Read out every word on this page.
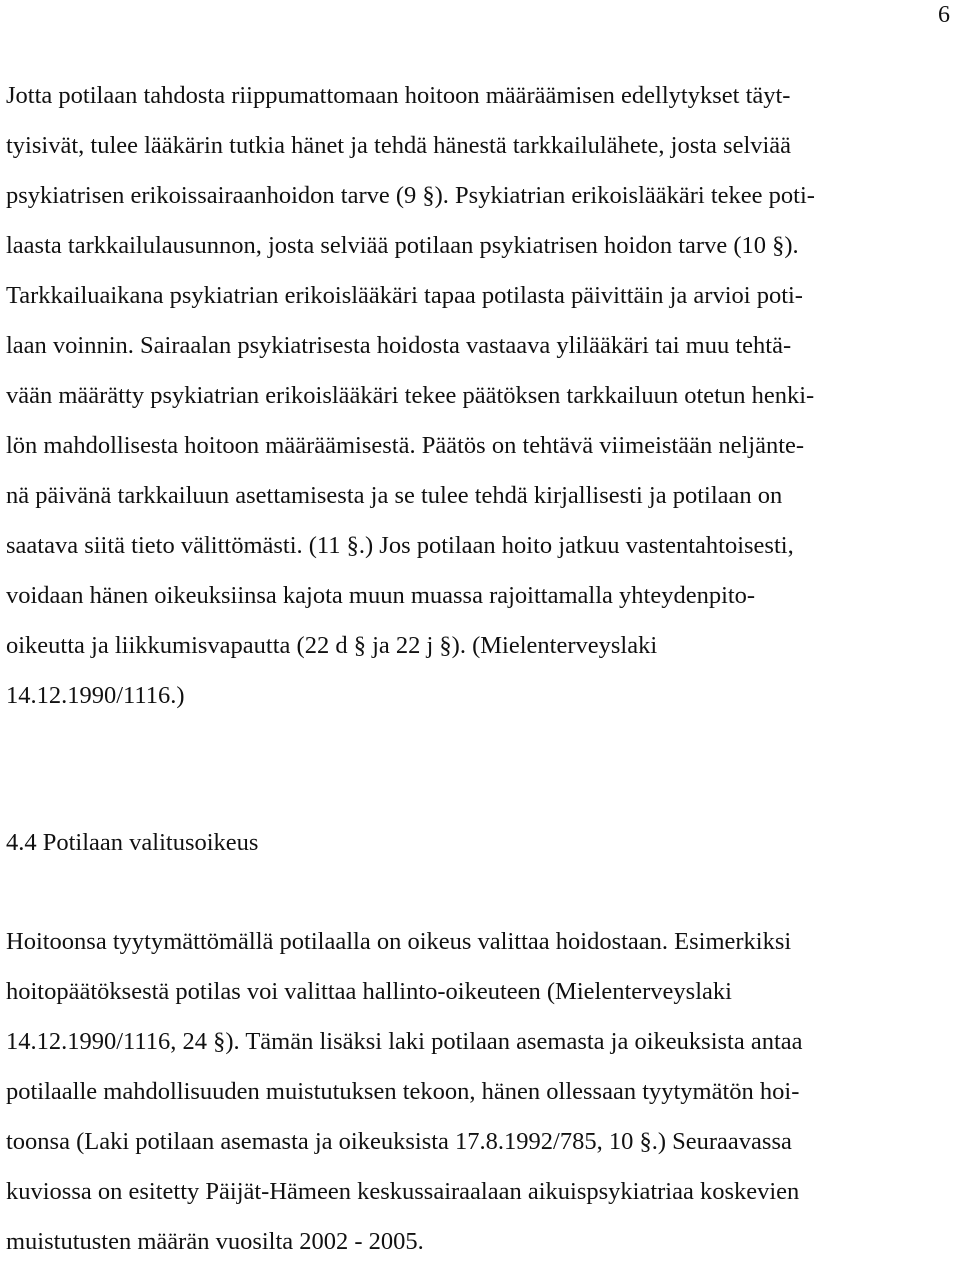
6
Jotta potilaan tahdosta riippumattomaan hoitoon määräämisen edellytykset täyt-
tyisivät, tulee lääkärin tutkia hänet ja tehdä hänestä tarkkailulähete, josta selviää
psykiatrisen erikoissairaanhoidon tarve (9 §). Psykiatrian erikoislääkäri tekee poti-
laasta tarkkailulausunnon, josta selviää potilaan psykiatrisen hoidon tarve (10 §).
Tarkkailuaikana psykiatrian erikoislääkäri tapaa potilasta päivittäin ja arvioi poti-
laan voinnin. Sairaalan psykiatrisesta hoidosta vastaava ylilääkäri tai muu tehtä-
vään määrätty psykiatrian erikoislääkäri tekee päätöksen tarkkailuun otetun henki-
lön mahdollisesta hoitoon määräämisestä. Päätös on tehtävä viimeistään neljänte-
nä päivänä tarkkailuun asettamisesta ja se tulee tehdä kirjallisesti ja potilaan on
saatava siitä tieto välittömästi. (11 §.) Jos potilaan hoito jatkuu vastentahtoisesti,
voidaan hänen oikeuksiinsa kajota muun muassa rajoittamalla yhteydenpito-
oikeutta ja liikkumisvapautta (22 d § ja 22 j §). (Mielenterveyslaki
14.12.1990/1116.)
4.4 Potilaan valitusoikeus
Hoitoonsa tyytymättömällä potilaalla on oikeus valittaa hoidostaan. Esimerkiksi
hoitopäätöksestä potilas voi valittaa hallinto-oikeuteen (Mielenterveyslaki
14.12.1990/1116, 24 §). Tämän lisäksi laki potilaan asemasta ja oikeuksista antaa
potilaalle mahdollisuuden muistutuksen tekoon, hänen ollessaan tyytymätön hoi-
toonsa (Laki potilaan asemasta ja oikeuksista 17.8.1992/785, 10 §.) Seuraavassa
kuviossa on esitetty Päijät-Hämeen keskussairaalaan aikuispsykiatriaa koskevien
muistutusten määrän vuosilta 2002 - 2005.
